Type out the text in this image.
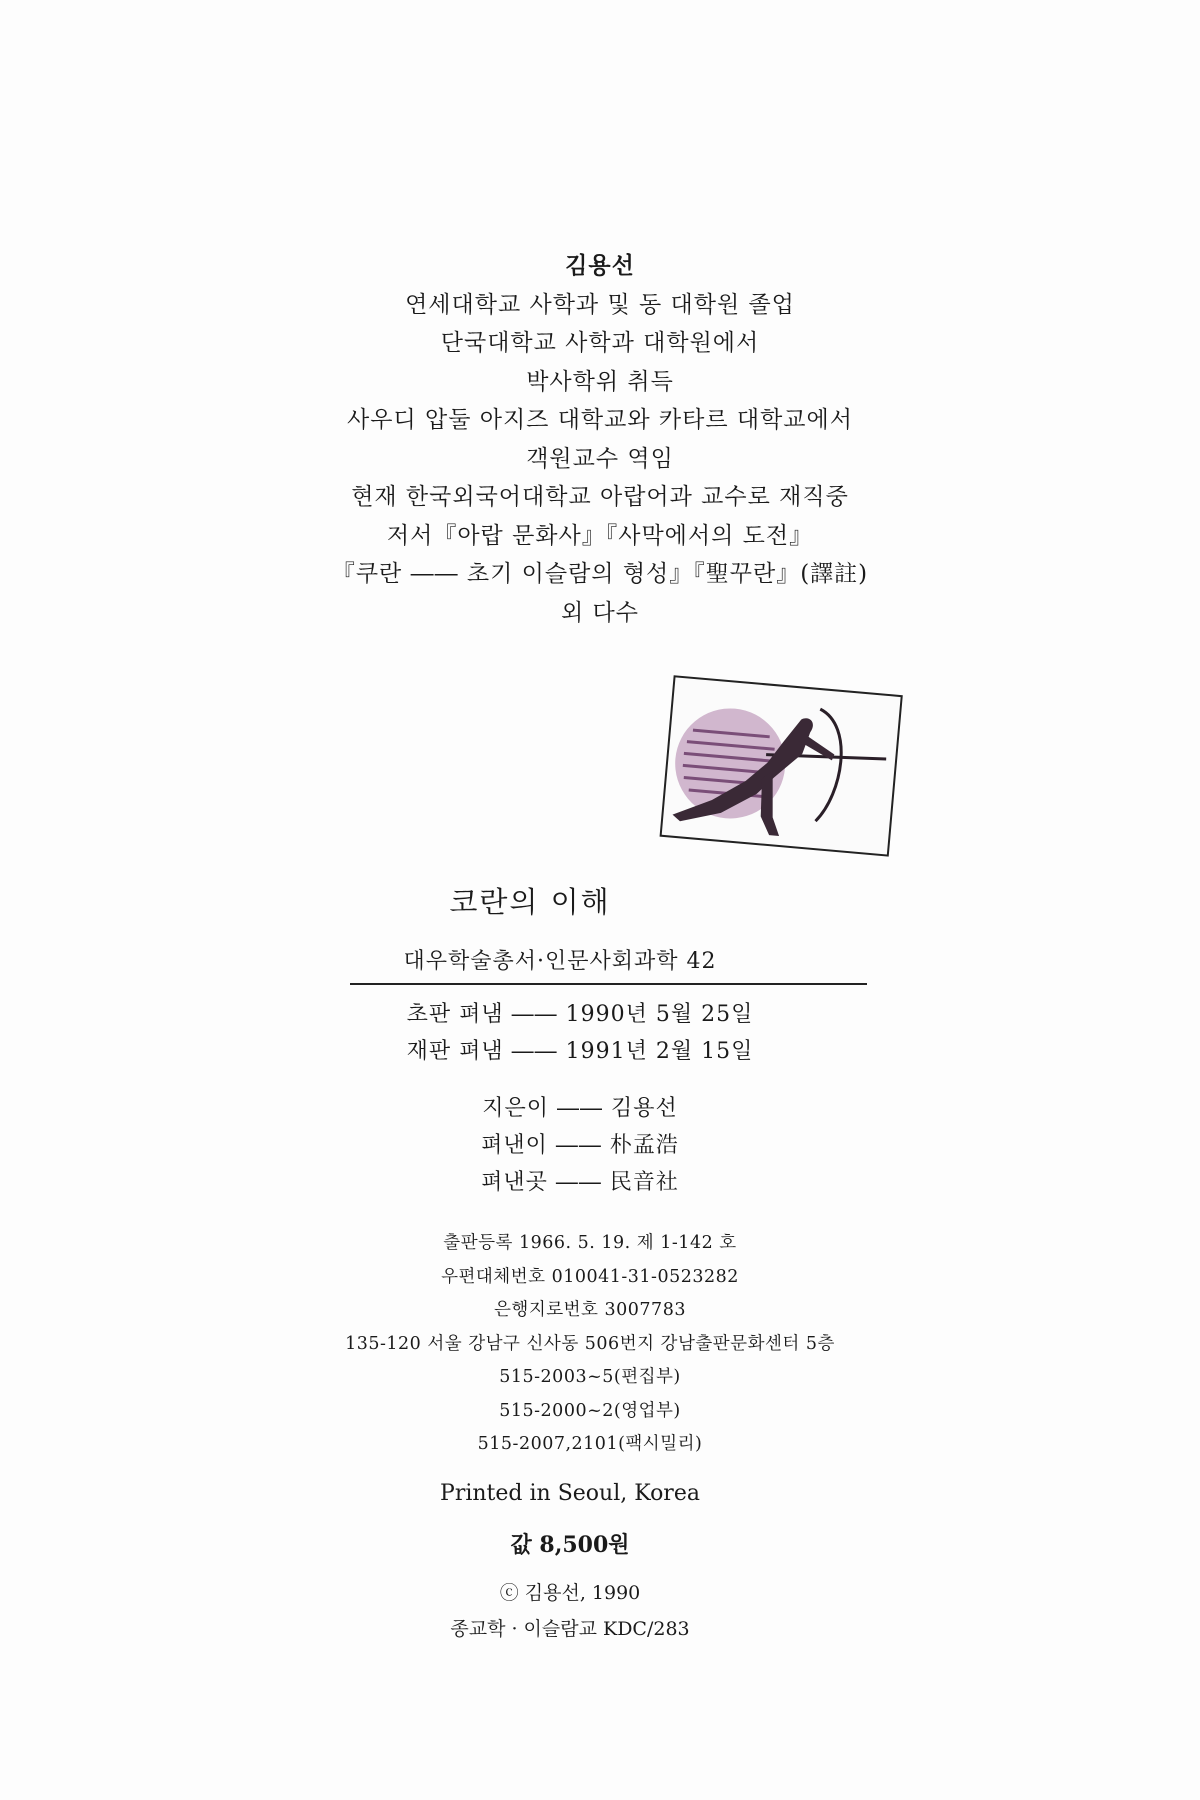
김용선
연세대학교 사학과 및 동 대학원 졸업
단국대학교 사학과 대학원에서
박사학위 취득
사우디 압둘 아지즈 대학교와 카타르 대학교에서
객원교수 역임
현재 한국외국어대학교 아랍어과 교수로 재직중
저서『아랍 문화사』『사막에서의 도전』
『쿠란 ―― 초기 이슬람의 형성』『聖꾸란』(譯註)
외 다수
코란의 이해
대우학술총서·인문사회과학 42
초판 펴냄 ―― 1990년 5월 25일
재판 펴냄 ―― 1991년 2월 15일
지은이 ―― 김용선
펴낸이 ―― 朴孟浩
펴낸곳 ―― 民音社
출판등록 1966. 5. 19. 제 1-142 호
우편대체번호 010041-31-0523282
은행지로번호 3007783
135-120 서울 강남구 신사동 506번지 강남출판문화센터 5층
515-2003~5(편집부)
515-2000~2(영업부)
515-2007,2101(팩시밀리)
Printed in Seoul, Korea
값 8,500원
ⓒ 김용선, 1990
종교학 · 이슬람교 KDC/283
